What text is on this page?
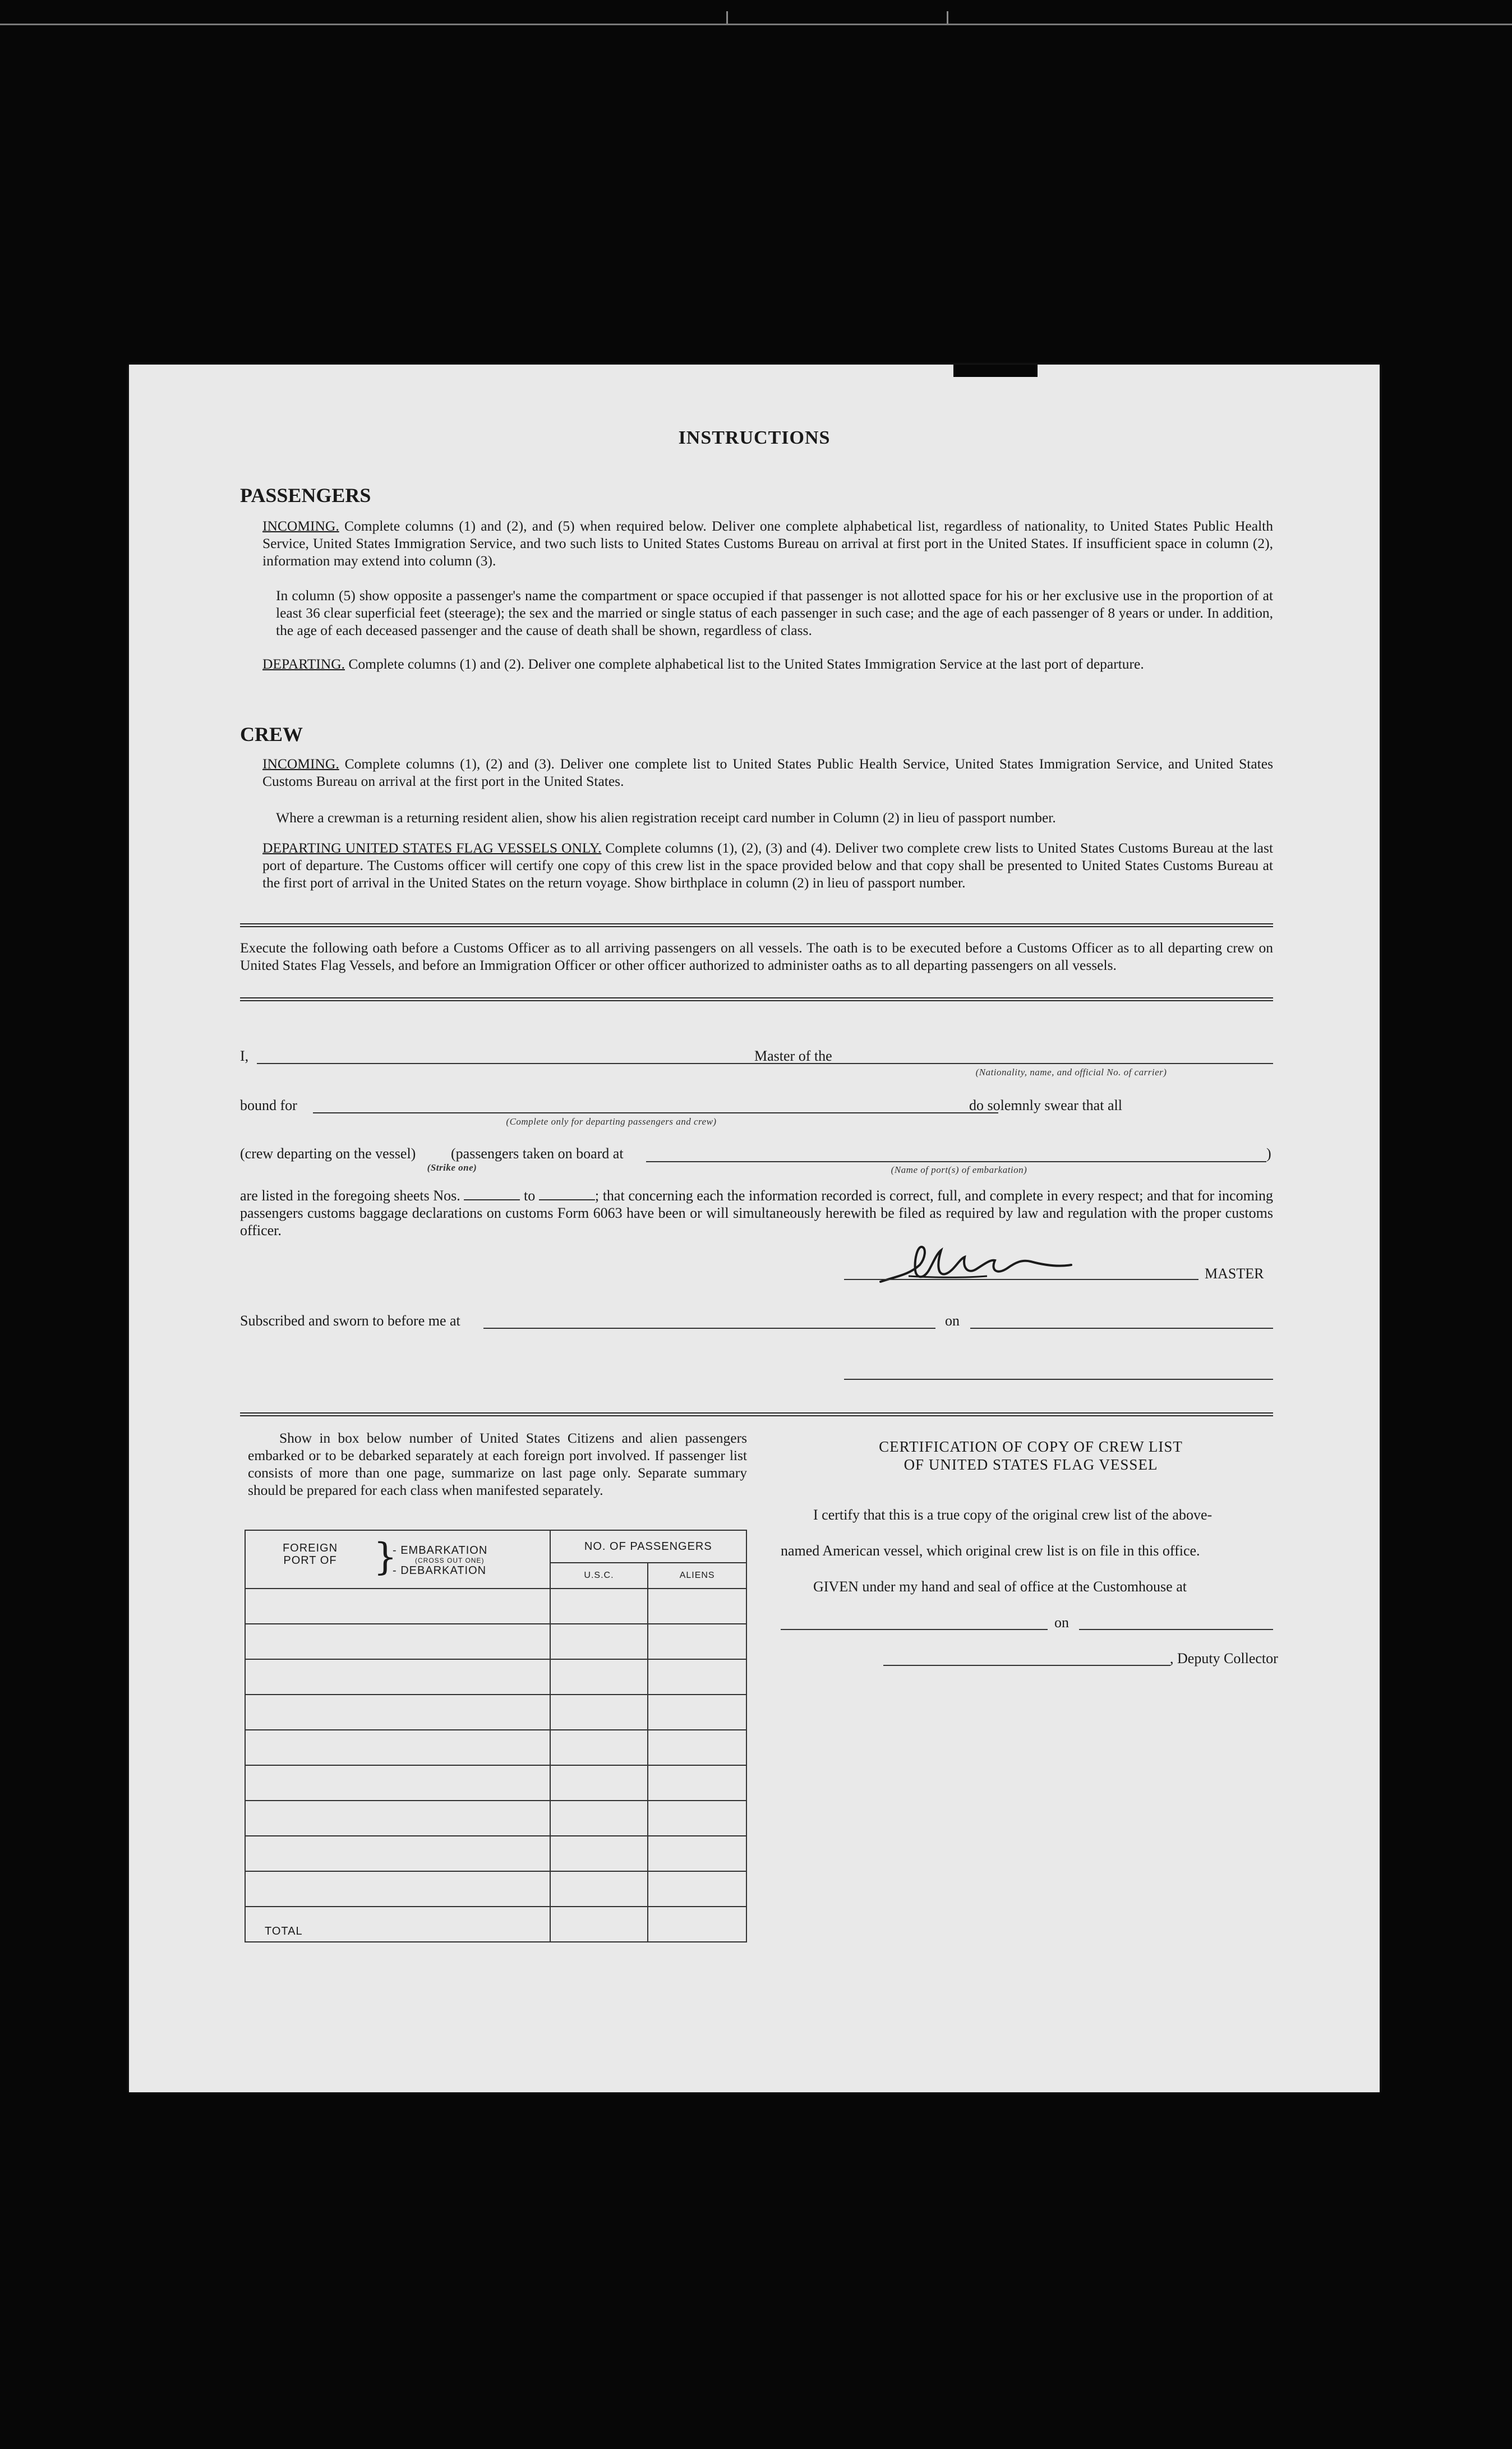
INSTRUCTIONS
PASSENGERS
INCOMING. Complete columns (1) and (2), and (5) when required below. Deliver one complete alphabetical list, regardless of nationality, to United States Public Health Service, United States Immigration Service, and two such lists to United States Customs Bureau on arrival at first port in the United States. If insufficient space in column (2), information may extend into column (3).
In column (5) show opposite a passenger's name the compartment or space occupied if that passenger is not allotted space for his or her exclusive use in the proportion of at least 36 clear superficial feet (steerage); the sex and the married or single status of each passenger in such case; and the age of each passenger of 8 years or under. In addition, the age of each deceased passenger and the cause of death shall be shown, regardless of class.
DEPARTING. Complete columns (1) and (2). Deliver one complete alphabetical list to the United States Immigration Service at the last port of departure.
CREW
INCOMING. Complete columns (1), (2) and (3). Deliver one complete list to United States Public Health Service, United States Immigration Service, and United States Customs Bureau on arrival at the first port in the United States.
Where a crewman is a returning resident alien, show his alien registration receipt card number in Column (2) in lieu of passport number.
DEPARTING UNITED STATES FLAG VESSELS ONLY. Complete columns (1), (2), (3) and (4). Deliver two complete crew lists to United States Customs Bureau at the last port of departure. The Customs officer will certify one copy of this crew list in the space provided below and that copy shall be presented to United States Customs Bureau at the first port of arrival in the United States on the return voyage. Show birthplace in column (2) in lieu of passport number.
Execute the following oath before a Customs Officer as to all arriving passengers on all vessels. The oath is to be executed before a Customs Officer as to all departing crew on United States Flag Vessels, and before an Immigration Officer or other officer authorized to administer oaths as to all departing passengers on all vessels.
I,	Master of the
(Nationality, name, and official No. of carrier)
bound for
(Complete only for departing passengers and crew)
do solemnly swear that all
(crew departing on the vessel) (passengers taken on board at
(Strike one)	(Name of port(s) of embarkation)
)
are listed in the foregoing sheets Nos.	to	; that concerning each the information recorded is correct, full, and complete in every respect; and that for incoming passengers customs baggage declarations on customs Form 6063 have been or will simultaneously herewith be filed as required by law and regulation with the proper customs officer.
MASTER
Subscribed and sworn to before me at	on
Show in box below number of United States Citizens and alien passengers embarked or to be debarked separately at each foreign port involved. If passenger list consists of more than one page, summarize on last page only. Separate summary should be prepared for each class when manifested separately.

FOREIGN PORT OF }
- EMBARKATION
(CROSS OUT ONE)
- DEBARKATION	NO. OF PASSENGERS	
	U.S.C.	ALIENS

TOTAL		
CERTIFICATION OF COPY OF CREW LIST
OF UNITED STATES FLAG VESSEL
I certify that this is a true copy of the original crew list of the above-
named American vessel, which original crew list is on file in this office.
GIVEN under my hand and seal of office at the Customhouse at
on
, Deputy Collector
